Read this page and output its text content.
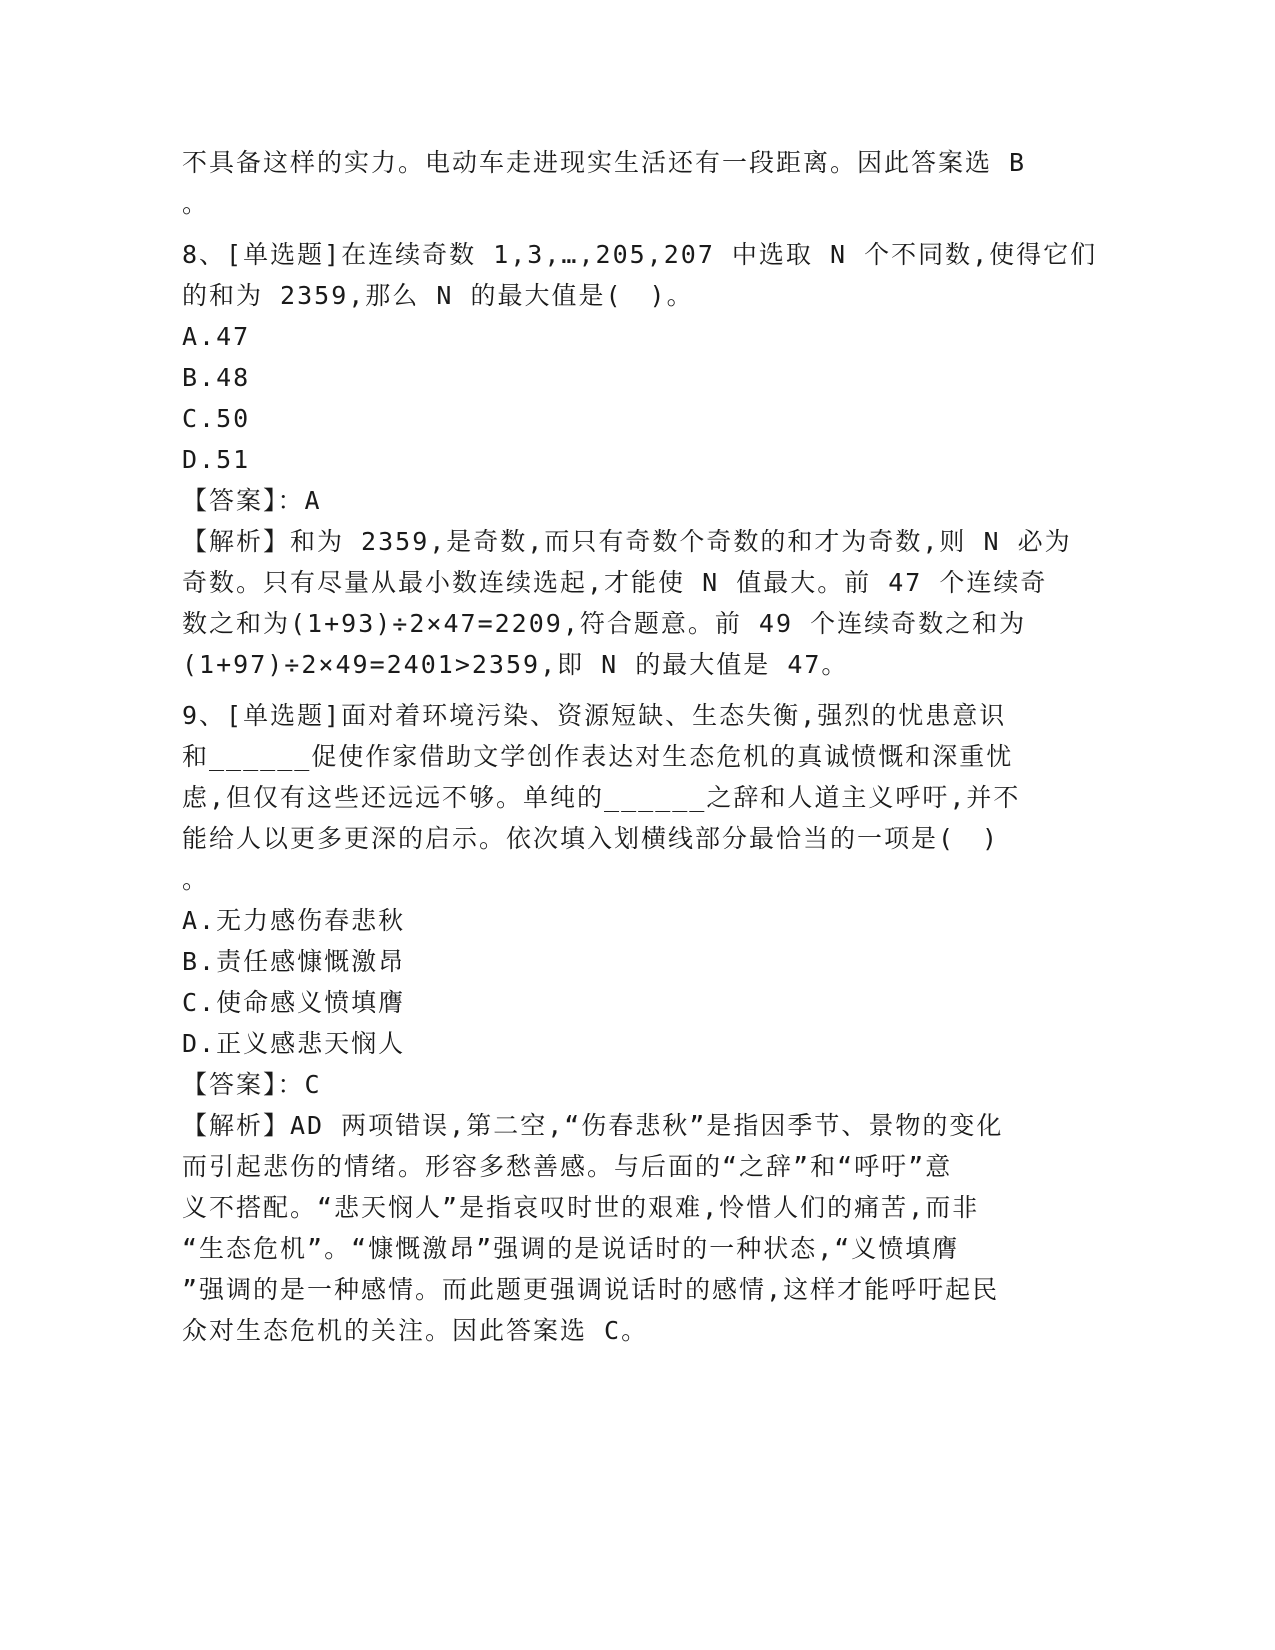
不具备这样的实力。电动车走进现实生活还有一段距离。因此答案选 B
。
8、[单选题]在连续奇数 1,3,…,205,207 中选取 N 个不同数,使得它们
的和为 2359,那么 N 的最大值是(　)。
A.47
B.48
C.50
D.51
【答案】：A
【解析】和为 2359,是奇数,而只有奇数个奇数的和才为奇数,则 N 必为
奇数。只有尽量从最小数连续选起,才能使 N 值最大。前 47 个连续奇
数之和为(1+93)÷2×47=2209,符合题意。前 49 个连续奇数之和为
(1+97)÷2×49=2401>2359,即 N 的最大值是 47。
9、[单选题]面对着环境污染、资源短缺、生态失衡,强烈的忧患意识
和______促使作家借助文学创作表达对生态危机的真诚愤慨和深重忧
虑,但仅有这些还远远不够。单纯的______之辞和人道主义呼吁,并不
能给人以更多更深的启示。依次填入划横线部分最恰当的一项是(　)
。
A.无力感伤春悲秋
B.责任感慷慨激昂
C.使命感义愤填膺
D.正义感悲天悯人
【答案】：C
【解析】AD 两项错误,第二空,“伤春悲秋”是指因季节、景物的变化
而引起悲伤的情绪。形容多愁善感。与后面的“之辞”和“呼吁”意
义不搭配。“悲天悯人”是指哀叹时世的艰难,怜惜人们的痛苦,而非
“生态危机”。“慷慨激昂”强调的是说话时的一种状态,“义愤填膺
”强调的是一种感情。而此题更强调说话时的感情,这样才能呼吁起民
众对生态危机的关注。因此答案选 C。
